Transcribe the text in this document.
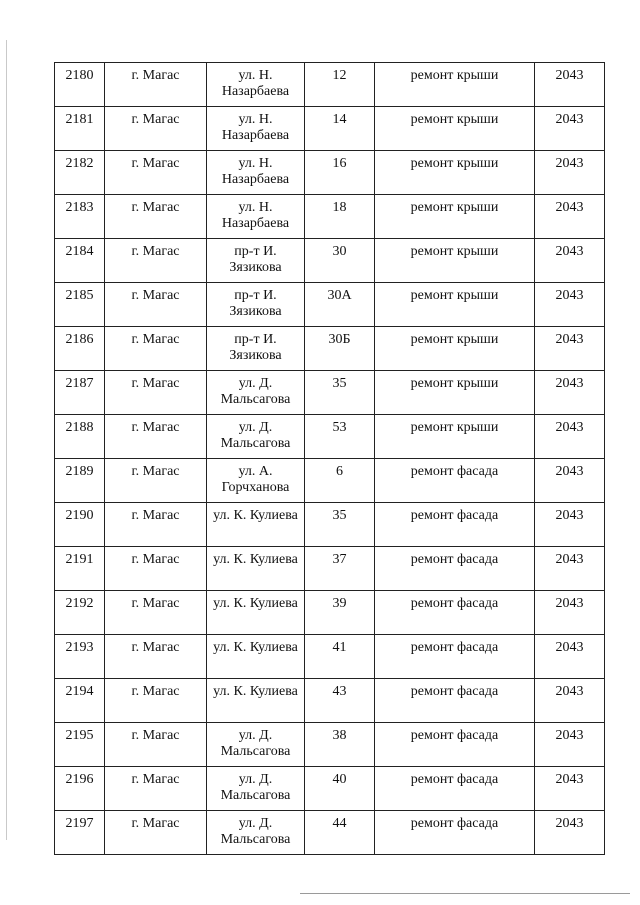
2180	г. Магас	ул. Н. Назарбаева	12	ремонт крыши	2043
2181	г. Магас	ул. Н. Назарбаева	14	ремонт крыши	2043
2182	г. Магас	ул. Н. Назарбаева	16	ремонт крыши	2043
2183	г. Магас	ул. Н. Назарбаева	18	ремонт крыши	2043
2184	г. Магас	пр-т И. Зязикова	30	ремонт крыши	2043
2185	г. Магас	пр-т И. Зязикова	30А	ремонт крыши	2043
2186	г. Магас	пр-т И. Зязикова	30Б	ремонт крыши	2043
2187	г. Магас	ул. Д. Мальсагова	35	ремонт крыши	2043
2188	г. Магас	ул. Д. Мальсагова	53	ремонт крыши	2043
2189	г. Магас	ул. А. Горчханова	6	ремонт фасада	2043
2190	г. Магас	ул. К. Кулиева	35	ремонт фасада	2043
2191	г. Магас	ул. К. Кулиева	37	ремонт фасада	2043
2192	г. Магас	ул. К. Кулиева	39	ремонт фасада	2043
2193	г. Магас	ул. К. Кулиева	41	ремонт фасада	2043
2194	г. Магас	ул. К. Кулиева	43	ремонт фасада	2043
2195	г. Магас	ул. Д. Мальсагова	38	ремонт фасада	2043
2196	г. Магас	ул. Д. Мальсагова	40	ремонт фасада	2043
2197	г. Магас	ул. Д. Мальсагова	44	ремонт фасада	2043
